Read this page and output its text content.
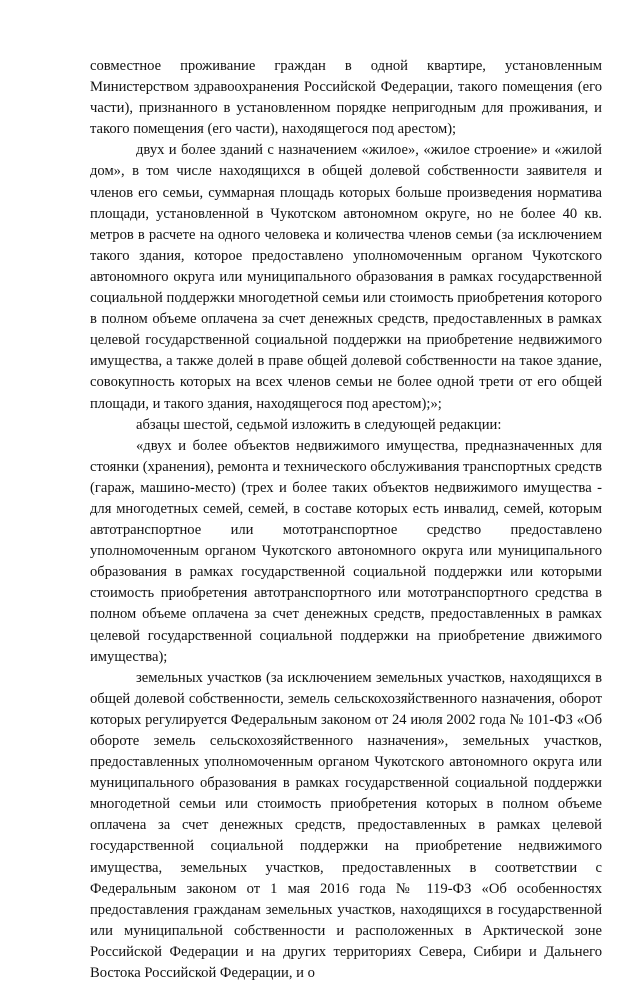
совместное проживание граждан в одной квартире, установленным Министерством здравоохранения Российской Федерации, такого помещения (его части), признанного в установленном порядке непригодным для проживания, и такого помещения (его части), находящегося под арестом);

двух и более зданий с назначением «жилое», «жилое строение» и «жилой дом», в том числе находящихся в общей долевой собственности заявителя и членов его семьи, суммарная площадь которых больше произведения норматива площади, установленной в Чукотском автономном округе, но не более 40 кв. метров в расчете на одного человека и количества членов семьи (за исключением такого здания, которое предоставлено уполномоченным органом Чукотского автономного округа или муниципального образования в рамках государственной социальной поддержки многодетной семьи или стоимость приобретения которого в полном объеме оплачена за счет денежных средств, предоставленных в рамках целевой государственной социальной поддержки на приобретение недвижимого имущества, а также долей в праве общей долевой собственности на такое здание, совокупность которых на всех членов семьи не более одной трети от его общей площади, и такого здания, находящегося под арестом);»;

абзацы шестой, седьмой изложить в следующей редакции:

«двух и более объектов недвижимого имущества, предназначенных для стоянки (хранения), ремонта и технического обслуживания транспортных средств (гараж, машино-место) (трех и более таких объектов недвижимого имущества - для многодетных семей, семей, в составе которых есть инвалид, семей, которым автотранспортное или мототранспортное средство предоставлено уполномоченным органом Чукотского автономного округа или муниципального образования в рамках государственной социальной поддержки или которыми стоимость приобретения автотранспортного или мототранспортного средства в полном объеме оплачена за счет денежных средств, предоставленных в рамках целевой государственной социальной поддержки на приобретение движимого имущества);

земельных участков (за исключением земельных участков, находящихся в общей долевой собственности, земель сельскохозяйственного назначения, оборот которых регулируется Федеральным законом от 24 июля 2002 года № 101-ФЗ «Об обороте земель сельскохозяйственного назначения», земельных участков, предоставленных уполномоченным органом Чукотского автономного округа или муниципального образования в рамках государственной социальной поддержки многодетной семьи или стоимость приобретения которых в полном объеме оплачена за счет денежных средств, предоставленных в рамках целевой государственной социальной поддержки на приобретение недвижимого имущества, земельных участков, предоставленных в соответствии с Федеральным законом от 1 мая 2016 года № 119-ФЗ «Об особенностях предоставления гражданам земельных участков, находящихся в государственной или муниципальной собственности и расположенных в Арктической зоне Российской Федерации и на других территориях Севера, Сибири и Дальнего Востока Российской Федерации, и о
